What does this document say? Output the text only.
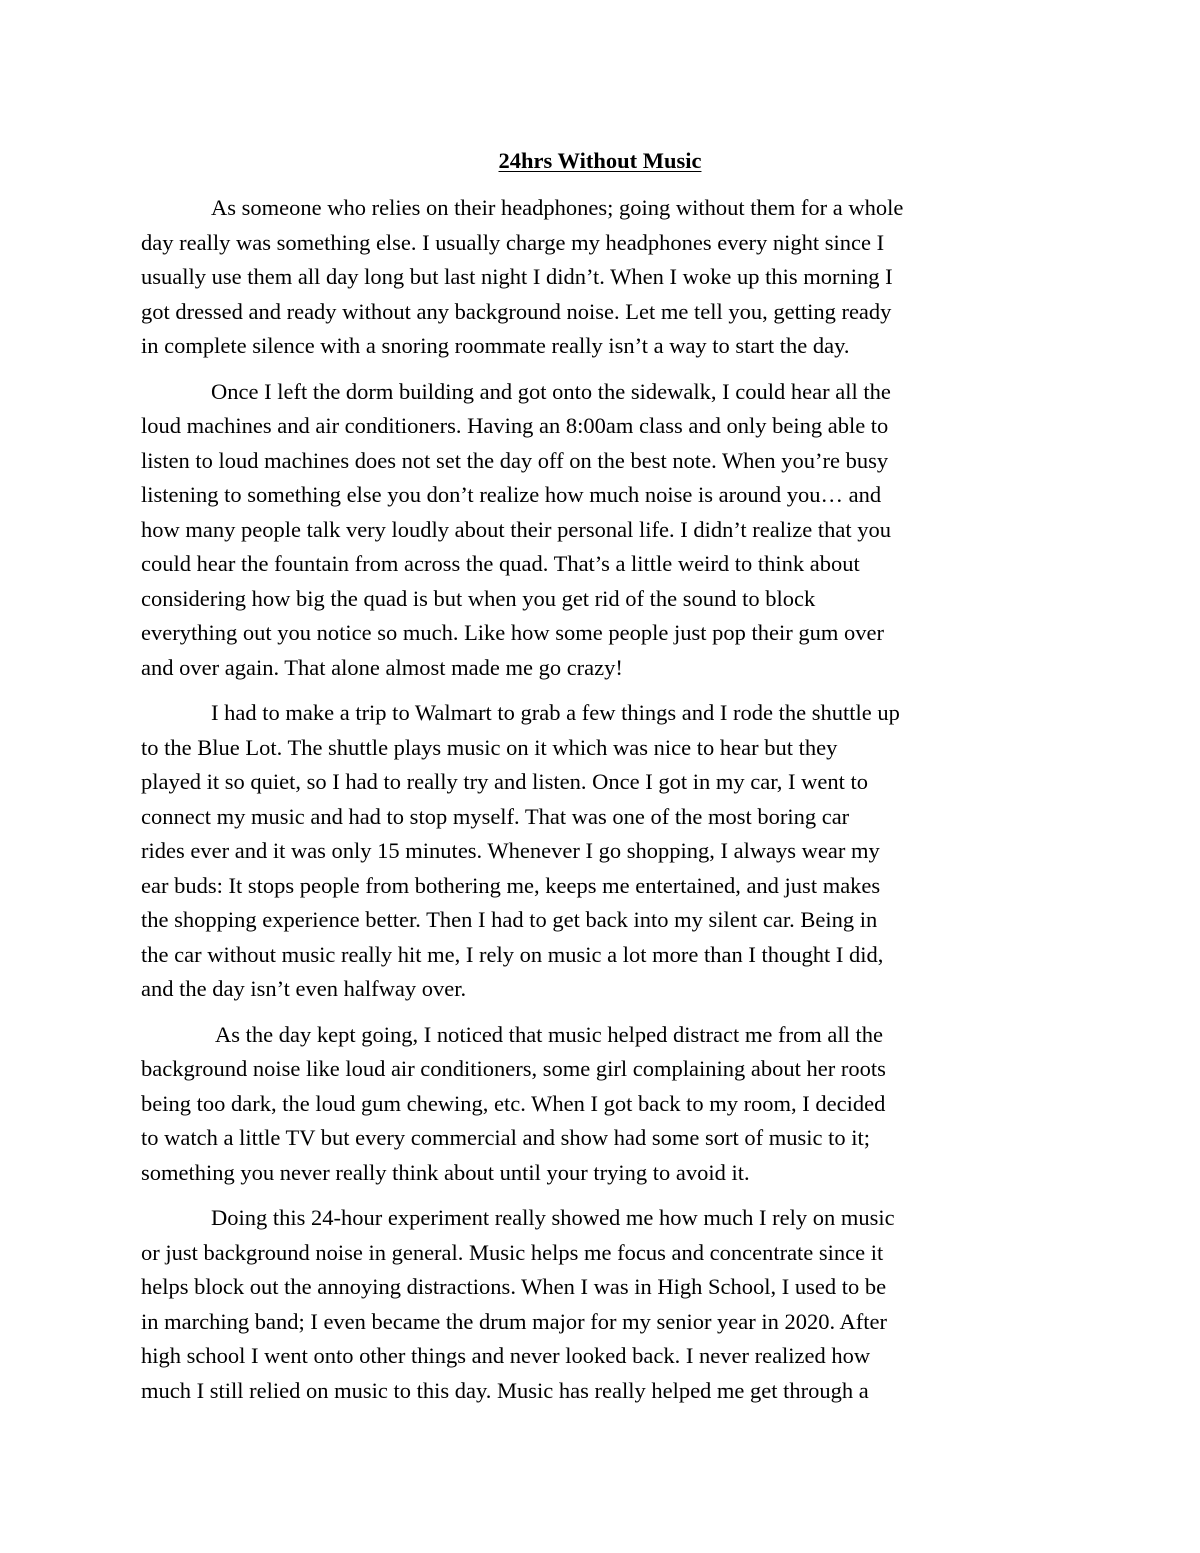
24hrs Without Music
As someone who relies on their headphones; going without them for a whole
day really was something else. I usually charge my headphones every night since I
usually use them all day long but last night I didn’t. When I woke up this morning I
got dressed and ready without any background noise. Let me tell you, getting ready
in complete silence with a snoring roommate really isn’t a way to start the day.
Once I left the dorm building and got onto the sidewalk, I could hear all the
loud machines and air conditioners. Having an 8:00am class and only being able to
listen to loud machines does not set the day off on the best note. When you’re busy
listening to something else you don’t realize how much noise is around you… and
how many people talk very loudly about their personal life. I didn’t realize that you
could hear the fountain from across the quad. That’s a little weird to think about
considering how big the quad is but when you get rid of the sound to block
everything out you notice so much. Like how some people just pop their gum over
and over again. That alone almost made me go crazy!
I had to make a trip to Walmart to grab a few things and I rode the shuttle up
to the Blue Lot. The shuttle plays music on it which was nice to hear but they
played it so quiet, so I had to really try and listen. Once I got in my car, I went to
connect my music and had to stop myself. That was one of the most boring car
rides ever and it was only 15 minutes. Whenever I go shopping, I always wear my
ear buds: It stops people from bothering me, keeps me entertained, and just makes
the shopping experience better. Then I had to get back into my silent car. Being in
the car without music really hit me, I rely on music a lot more than I thought I did,
and the day isn’t even halfway over.
As the day kept going, I noticed that music helped distract me from all the
background noise like loud air conditioners, some girl complaining about her roots
being too dark, the loud gum chewing, etc. When I got back to my room, I decided
to watch a little TV but every commercial and show had some sort of music to it;
something you never really think about until your trying to avoid it.
Doing this 24-hour experiment really showed me how much I rely on music
or just background noise in general. Music helps me focus and concentrate since it
helps block out the annoying distractions. When I was in High School, I used to be
in marching band; I even became the drum major for my senior year in 2020. After
high school I went onto other things and never looked back. I never realized how
much I still relied on music to this day. Music has really helped me get through a
